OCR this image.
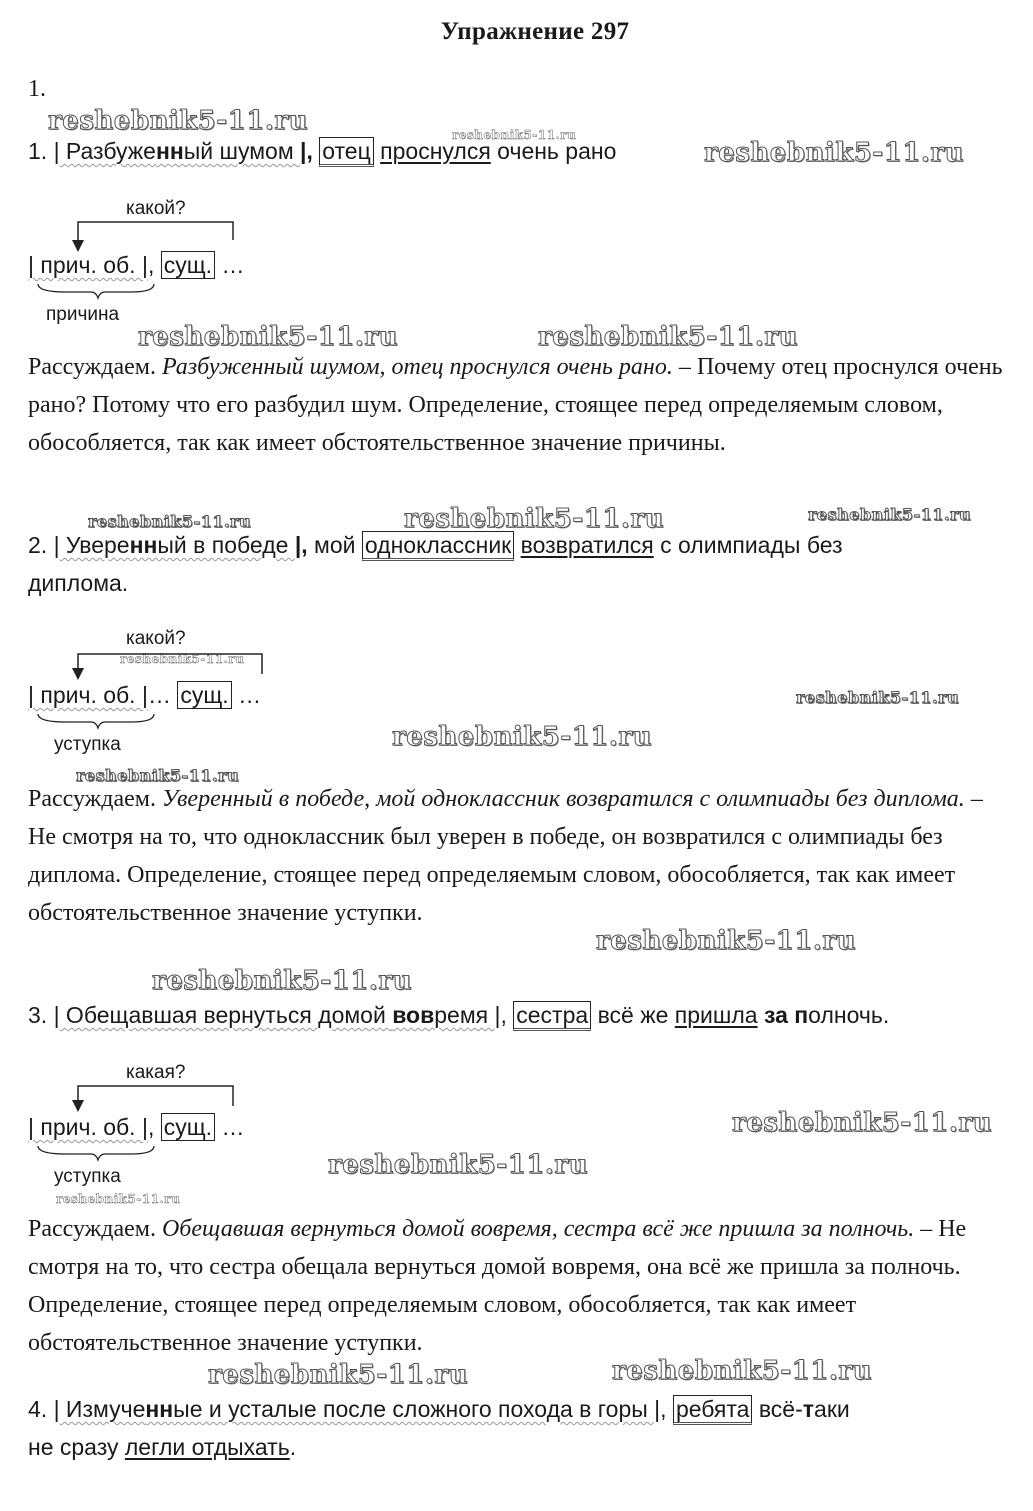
Упражнение 297
1.
reshebnik5-11.ru	reshebnik5-11.ru
1. | Разбуженный шумом |, отец проснулся очень рано	reshebnik5-11.ru
какой?
| прич. об. |, сущ. …
причина
reshebnik5-11.ru	reshebnik5-11.ru
Рассуждаем. Разбуженный шумом, отец проснулся очень рано. – Почему отец проснулся очень рано? Потому что его разбудил шум. Определение, стоящее перед определяемым словом, обособляется, так как имеет обстоятельственное значение причины.
reshebnik5-11.ru	reshebnik5-11.ru	reshebnik5-11.ru
2. | Уверенный в победе |, мой одноклассник возвратился с олимпиады без
диплома.
какой?
reshebnik5-11.ru
| прич. об. |… сущ. …	reshebnik5-11.ru
уступка	reshebnik5-11.ru
reshebnik5-11.ru
Рассуждаем. Уверенный в победе, мой одноклассник возвратился с олимпиады без диплома. – Не смотря на то, что одноклассник был уверен в победе, он возвратился с олимпиады без диплома. Определение, стоящее перед определяемым словом, обособляется, так как имеет обстоятельственное значение уступки.
reshebnik5-11.ru
reshebnik5-11.ru
3. | Обещавшая вернуться домой вовремя |, сестра всё же пришла за полночь.
какая?
| прич. об. |, сущ. …	reshebnik5-11.ru
reshebnik5-11.ru
уступка
reshebnik5-11.ru
Рассуждаем. Обещавшая вернуться домой вовремя, сестра всё же пришла за полночь. – Не смотря на то, что сестра обещала вернуться домой вовремя, она всё же пришла за полночь. Определение, стоящее перед определяемым словом, обособляется, так как имеет обстоятельственное значение уступки.
reshebnik5-11.ru	reshebnik5-11.ru
4. | Измученные и усталые после сложного похода в горы |, ребята всё-таки
не сразу легли отдыхать.
